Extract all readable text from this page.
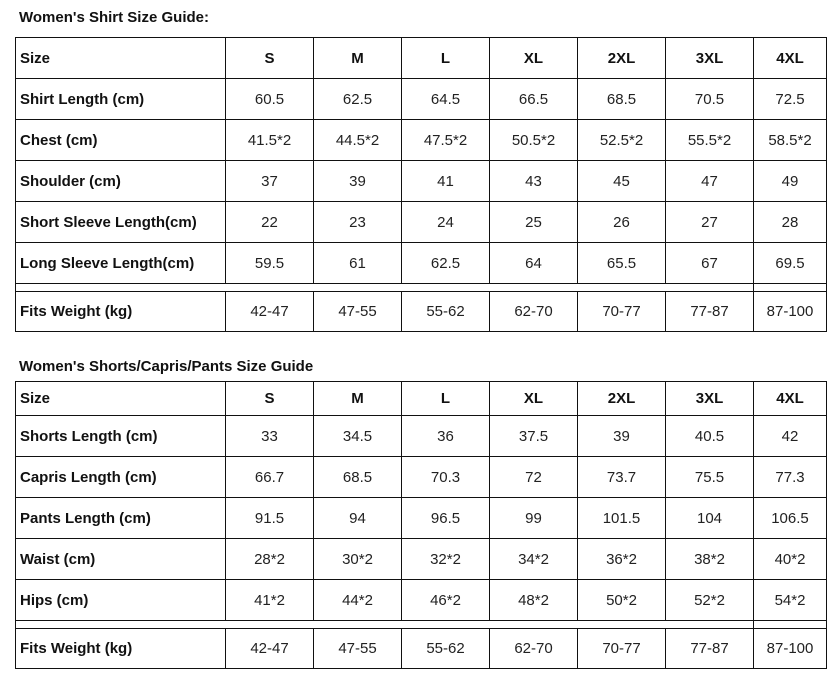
Women's Shirt Size Guide:
Size	S	M	L	XL	2XL	3XL	4XL
Shirt Length (cm)	60.5	62.5	64.5	66.5	68.5	70.5	72.5
Chest (cm)	41.5*2	44.5*2	47.5*2	50.5*2	52.5*2	55.5*2	58.5*2
Shoulder (cm)	37	39	41	43	45	47	49
Short Sleeve Length(cm)	22	23	24	25	26	27	28
Long Sleeve Length(cm)	59.5	61	62.5	64	65.5	67	69.5

Fits Weight (kg)	42-47	47-55	55-62	62-70	70-77	77-87	87-100
Women's Shorts/Capris/Pants Size Guide
Size	S	M	L	XL	2XL	3XL	4XL
Shorts Length (cm)	33	34.5	36	37.5	39	40.5	42
Capris Length (cm)	66.7	68.5	70.3	72	73.7	75.5	77.3
Pants Length (cm)	91.5	94	96.5	99	101.5	104	106.5
Waist (cm)	28*2	30*2	32*2	34*2	36*2	38*2	40*2
Hips (cm)	41*2	44*2	46*2	48*2	50*2	52*2	54*2

Fits Weight (kg)	42-47	47-55	55-62	62-70	70-77	77-87	87-100
